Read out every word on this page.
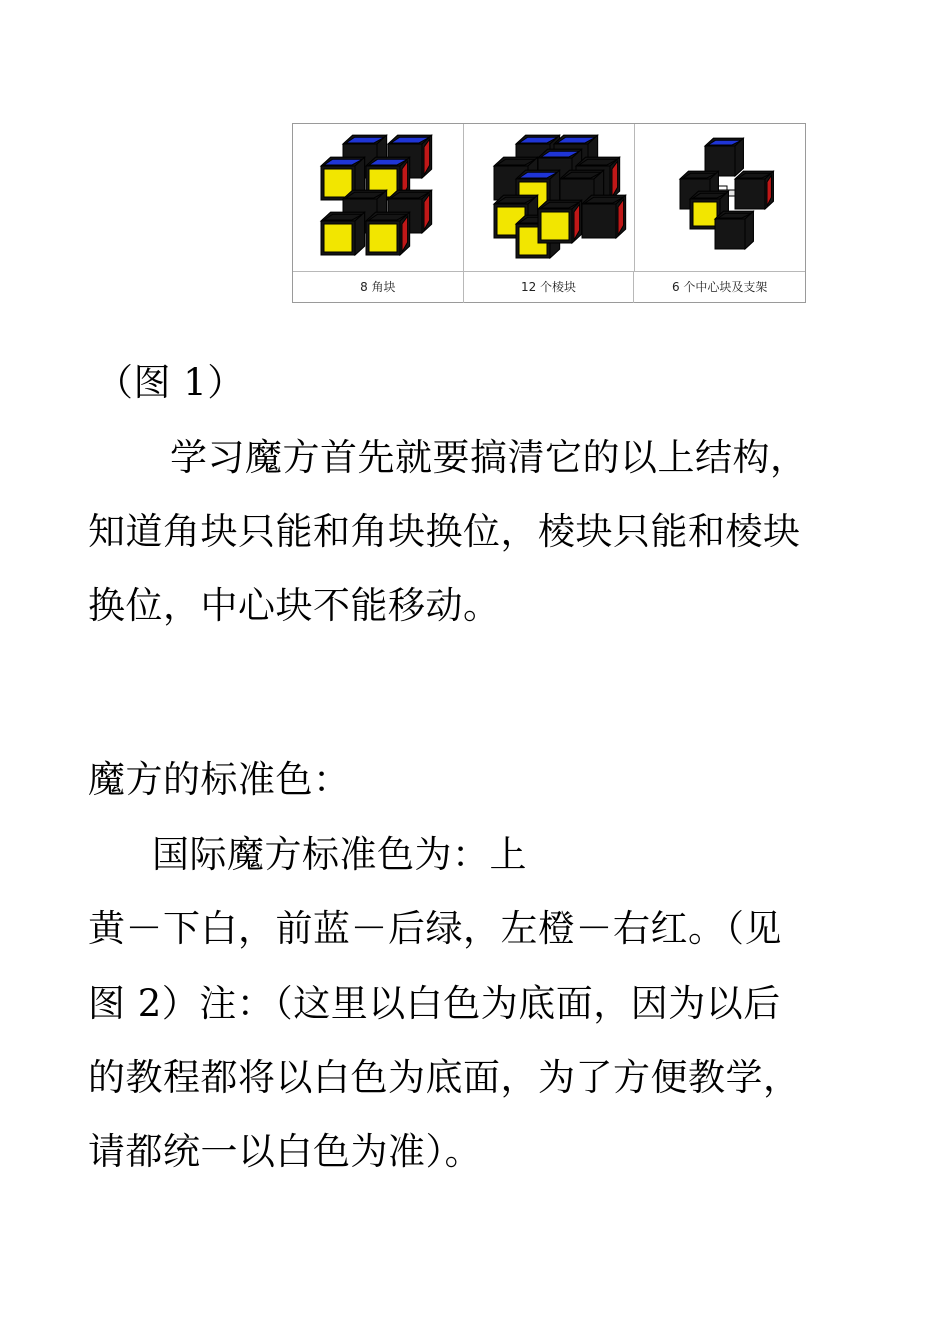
8 角块	12 个棱块	6 个中心块及支架
（图 1）
学习魔方首先就要搞清它的以上结构，
知道角块只能和角块换位，棱块只能和棱块
换位，中心块不能移动。
魔方的标准色：
国际魔方标准色为：上
黄－下白，前蓝－后绿，左橙－右红。（见
图 2）注：（这里以白色为底面，因为以后
的教程都将以白色为底面，为了方便教学，
请都统一以白色为准）。
